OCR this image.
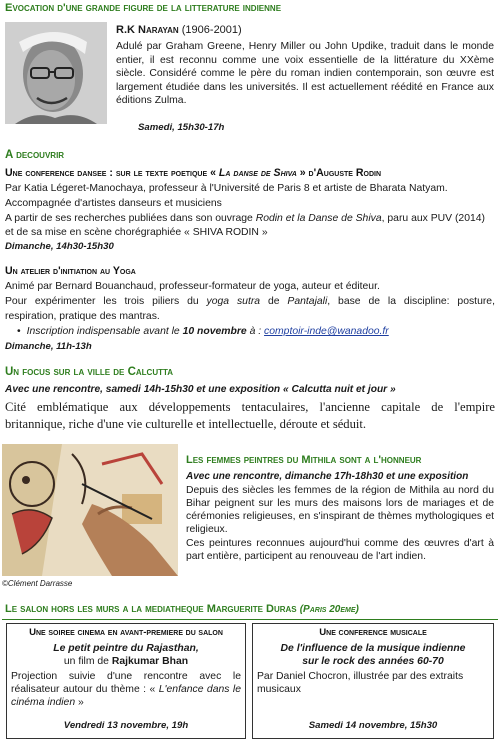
Evocation d'une grande figure de la litterature indienne

R.K Narayan (1906-2001)

Adulé par Graham Greene, Henry Miller ou John Updike, traduit dans le monde entier, il est reconnu comme une voix essentielle de la littérature du XXème siècle. Considéré comme le père du roman indien contemporain, son œuvre est largement étudiée dans les universités. Il est actuellement réédité en France aux éditions Zulma.

Samedi, 15h30-17h
A decouvrir

Une conference dansee : sur le texte poetique « La danse de Shiva » d'Auguste Rodin

Par Katia Légeret-Manochaya, professeur à l'Université de Paris 8 et artiste de Bharata Natyam.

Accompagnée d'artistes danseurs et musiciens

A partir de ses recherches publiées dans son ouvrage Rodin et la Danse de Shiva, paru aux PUV (2014)

et de sa mise en scène chorégraphiée « SHIVA RODIN »

Dimanche, 14h30-15h30

Un atelier d'initiation au Yoga

Animé par Bernard Bouanchaud, professeur-formateur de yoga, auteur et éditeur.

Pour expérimenter les trois piliers du yoga sutra de Pantajali, base de la discipline: posture,

respiration, pratique des mantras.

• Inscription indispensable avant le 10 novembre à : comptoir-inde@wanadoo.fr

Dimanche, 11h-13h

Un focus sur la ville de Calcutta

Avec une rencontre, samedi 14h-15h30 et une exposition « Calcutta nuit et jour »

Cité emblématique aux développements tentaculaires, l'ancienne capitale de l'empire britannique, riche d'une vie culturelle et intellectuelle, déroute et séduit.

©Clément Darrasse
Les femmes peintres du Mithila sont a l'honneur

Avec une rencontre, dimanche 17h-18h30 et une exposition

Depuis des siècles les femmes de la région de Mithila au nord du Bihar peignent sur les murs des maisons lors de mariages et de cérémonies religieuses, en s'inspirant de thèmes mythologiques et religieux.

Ces peintures reconnues aujourd'hui comme des œuvres d'art à part entière, participent au renouveau de l'art indien.

Le salon hors les murs a la mediatheque Marguerite Duras (Paris 20eme)

Une soiree cinema en avant-premiere du salon

Le petit peintre du Rajasthan,

un film de Rajkumar Bhan

Projection suivie d'une rencontre avec le réalisateur autour du thème : « L'enfance dans le cinéma indien »

Vendredi 13 novembre, 19h

Une conference musicale

De l'influence de la musique indienne

sur le rock des années 60-70

Par Daniel Chocron, illustrée par des extraits musicaux

Samedi 14 novembre, 15h30
